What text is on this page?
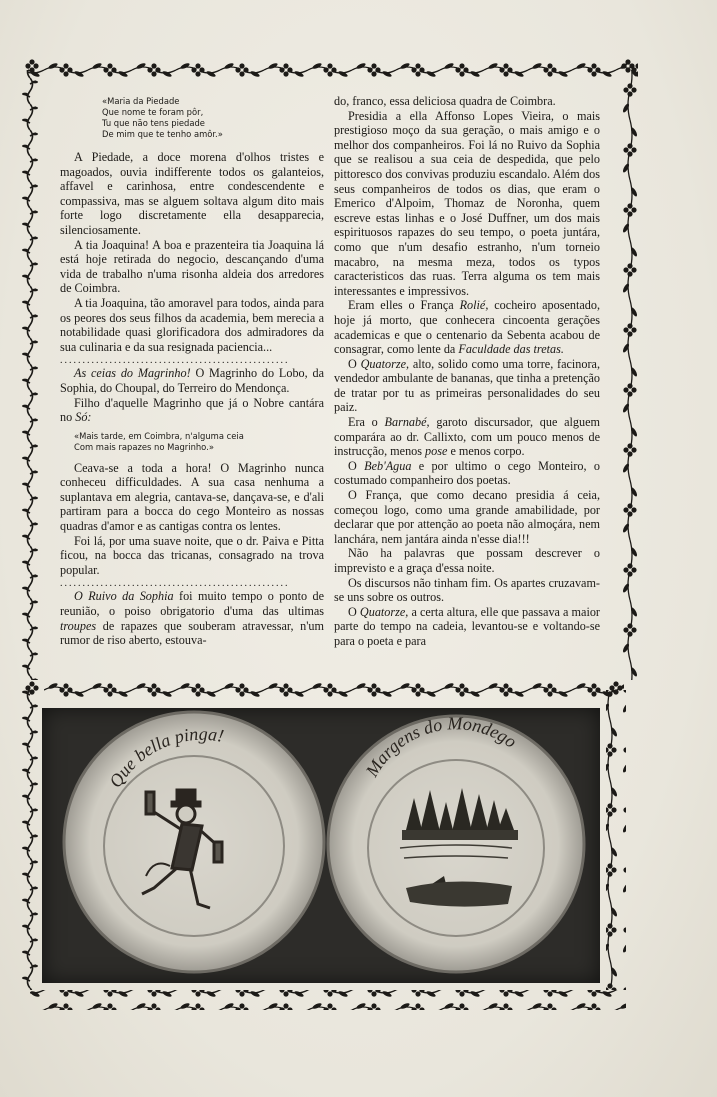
«Maria da Piedade
Que nome te foram pôr,
Tu que não tens piedade
De mim que te tenho amôr.»

A Piedade, a doce morena d'olhos tristes e magoados, ouvia indifferente todos os galanteios, affavel e carinhosa, entre condescendente e compassiva, mas se alguem soltava algum dito mais forte logo discretamente ella desapparecia, silenciosamente.

A tia Joaquina! A boa e prazenteira tia Joaquina lá está hoje retirada do negocio, descançando d'uma vida de trabalho n'uma risonha aldeia dos arredores de Coimbra.

A tia Joaquina, tão amoravel para todos, ainda para os peores dos seus filhos da academia, bem merecia a notabilidade quasi glorificadora dos admiradores da sua culinaria e da sua resignada paciencia...

...................................................

As ceias do Magrinho! O Magrinho do Lobo, da Sophia, do Choupal, do Terreiro do Mendonça.

Filho d'aquelle Magrinho que já o Nobre cantára no Só:

«Mais tarde, em Coimbra, n'alguma ceia
Com mais rapazes no Magrinho.»

Ceava-se a toda a hora! O Magrinho nunca conheceu difficuldades. A sua casa nenhuma a suplantava em alegria, cantava-se, dançava-se, e d'ali partiram para a bocca do cego Monteiro as nossas quadras d'amor e as cantigas contra os lentes.

Foi lá, por uma suave noite, que o dr. Paiva e Pitta ficou, na bocca das tricanas, consagrado na trova popular.

...................................................

O Ruivo da Sophia foi muito tempo o ponto de reunião, o poiso obrigatorio d'uma das ultimas troupes de rapazes que souberam atravessar, n'um rumor de riso aberto, estouva-

do, franco, essa deliciosa quadra de Coimbra.

Presidia a ella Affonso Lopes Vieira, o mais prestigioso moço da sua geração, o mais amigo e o melhor dos companheiros. Foi lá no Ruivo da Sophia que se realisou a sua ceia de despedida, que pelo pittoresco dos convivas produziu escandalo. Além dos seus companheiros de todos os dias, que eram o Emerico d'Alpoim, Thomaz de Noronha, quem escreve estas linhas e o José Duffner, um dos mais espirituosos rapazes do seu tempo, o poeta juntára, como que n'um desafio estranho, n'um torneio macabro, na mesma meza, todos os typos caracteristicos das ruas. Terra alguma os tem mais interessantes e impressivos.

Eram elles o França Rolié, cocheiro aposentado, hoje já morto, que conhecera cincoenta gerações academicas e que o centenario da Sebenta acabou de consagrar, como lente da Faculdade das tretas.

O Quatorze, alto, solido como uma torre, facinora, vendedor ambulante de bananas, que tinha a pretenção de tratar por tu as primeiras personalidades do seu paiz.

Era o Barnabé, garoto discursador, que alguem comparára ao dr. Callixto, com um pouco menos de instrucção, menos pose e menos corpo.

O Beb'Agua e por ultimo o cego Monteiro, o costumado companheiro dos poetas.

O França, que como decano presidia á ceia, começou logo, como uma grande amabilidade, por declarar que por attenção ao poeta não almoçára, nem lanchára, nem jantára ainda n'esse dia!!!

Não ha palavras que possam descrever o imprevisto e a graça d'essa noite.

Os discursos não tinham fim. Os apartes cruzavam-se uns sobre os outros.

O Quatorze, a certa altura, elle que passava a maior parte do tempo na cadeia, levantou-se e voltando-se para o poeta e para

Que bella pinga!
Margens do Mondego
